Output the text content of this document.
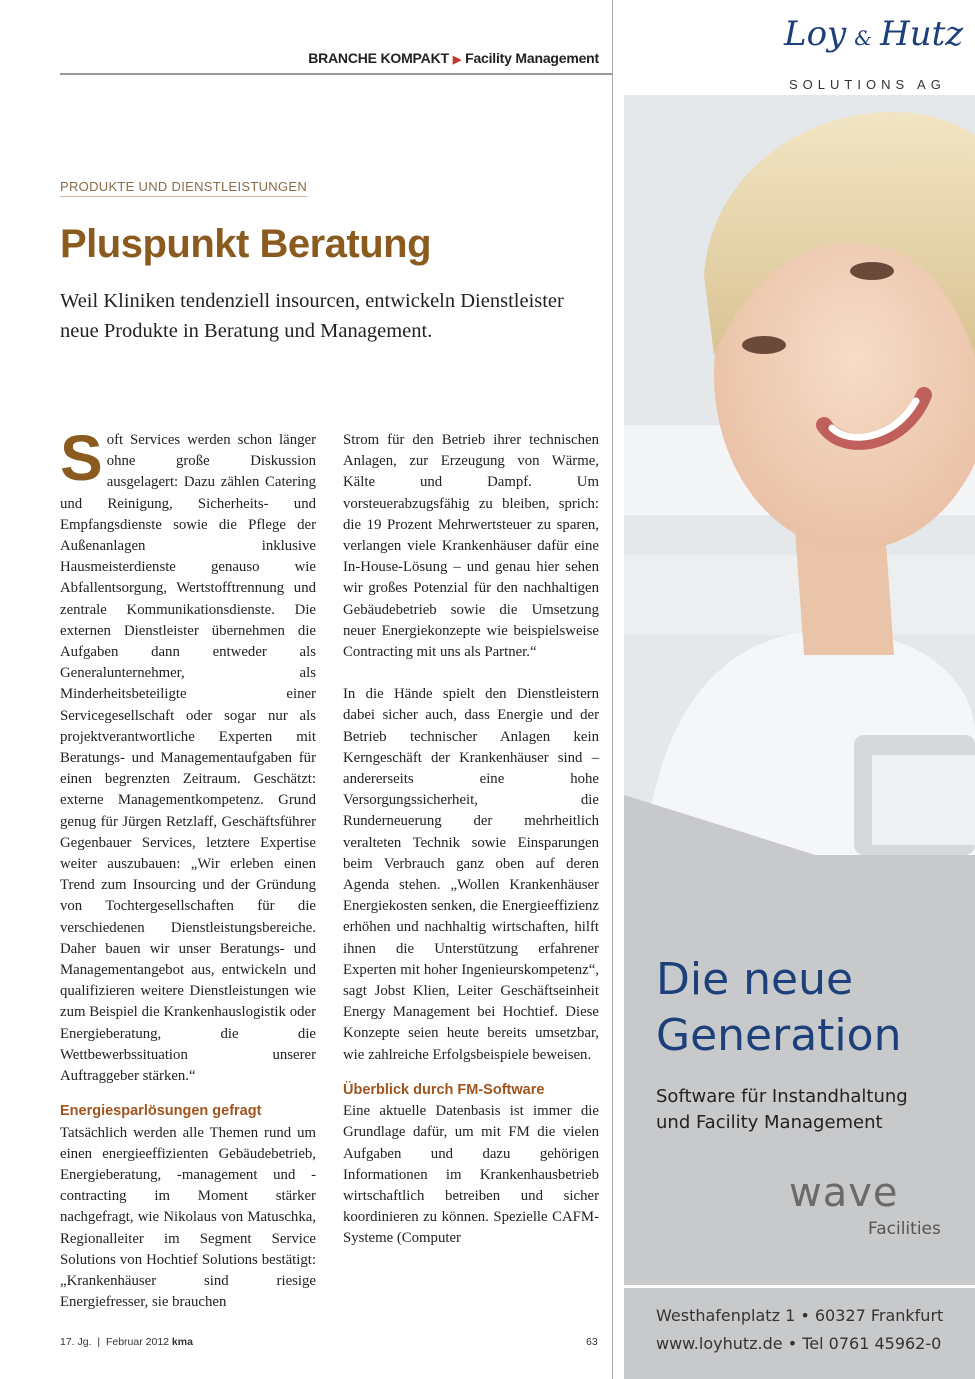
BRANCHE KOMPAKT ▶ Facility Management
PRODUKTE UND DIENSTLEISTUNGEN
Pluspunkt Beratung
Weil Kliniken tendenziell insourcen, entwickeln Dienstleister neue Produkte in Beratung und Management.

Soft Services werden schon länger ohne große Diskussion ausgelagert: Dazu zählen Catering und Reinigung, Sicherheits- und Empfangsdienste sowie die Pflege der Außenanlagen inklusive Hausmeisterdienste genauso wie Abfallentsorgung, Wertstofftrennung und zentrale Kommunikationsdienste. Die externen Dienstleister übernehmen die Aufgaben dann entweder als Generalunternehmer, als Minderheitsbeteiligte einer Servicegesellschaft oder sogar nur als projektverantwortliche Experten mit Beratungs- und Managementaufgaben für einen begrenzten Zeitraum. Geschätzt: externe Managementkompetenz. Grund genug für Jürgen Retzlaff, Geschäftsführer Gegenbauer Services, letztere Expertise weiter auszubauen: „Wir erleben einen Trend zum Insourcing und der Gründung von Tochtergesellschaften für die verschiedenen Dienstleistungsbereiche. Daher bauen wir unser Beratungs- und Managementangebot aus, entwickeln und qualifizieren weitere Dienstleistungen wie zum Beispiel die Krankenhauslogistik oder Energieberatung, die die Wettbewerbssituation unserer Auftraggeber stärken.“

Energiesparlösungen gefragt

Tatsächlich werden alle Themen rund um einen energieeffizienten Gebäudebetrieb, Energieberatung, -management und -contracting im Moment stärker nachgefragt, wie Nikolaus von Matuschka, Regionalleiter im Segment Service Solutions von Hochtief Solutions bestätigt: „Krankenhäuser sind riesige Energiefresser, sie brauchen

Strom für den Betrieb ihrer technischen Anlagen, zur Erzeugung von Wärme, Kälte und Dampf. Um vorsteuerabzugsfähig zu bleiben, sprich: die 19 Prozent Mehrwertsteuer zu sparen, verlangen viele Krankenhäuser dafür eine In-House-Lösung – und genau hier sehen wir großes Potenzial für den nachhaltigen Gebäudebetrieb sowie die Umsetzung neuer Energiekonzepte wie beispielsweise Contracting mit uns als Partner.“

In die Hände spielt den Dienstleistern dabei sicher auch, dass Energie und der Betrieb technischer Anlagen kein Kerngeschäft der Krankenhäuser sind – andererseits eine hohe Versorgungssicherheit, die Runderneuerung der mehrheitlich veralteten Technik sowie Einsparungen beim Verbrauch ganz oben auf deren Agenda stehen. „Wollen Krankenhäuser Energiekosten senken, die Energieeffizienz erhöhen und nachhaltig wirtschaften, hilft ihnen die Unterstützung erfahrener Experten mit hoher Ingenieurskompetenz“, sagt Jobst Klien, Leiter Geschäftseinheit Energy Management bei Hochtief. Diese Konzepte seien heute bereits umsetzbar, wie zahlreiche Erfolgsbeispiele beweisen.

Überblick durch FM-Software

Eine aktuelle Datenbasis ist immer die Grundlage dafür, um mit FM die vielen Aufgaben und dazu gehörigen Informationen im Krankenhausbetrieb wirtschaftlich betreiben und sicher koordinieren zu können. Spezielle CAFM-Systeme (Computer

17. Jg. | Februar 2012 kma	63
Loy & Hutz
SOLUTIONS AG
Die neue
Generation
Software für Instandhaltung
und Facility Management
wave
Facilities
Westhafenplatz 1 • 60327 Frankfurt
www.loyhutz.de • Tel 0761 45962-0
